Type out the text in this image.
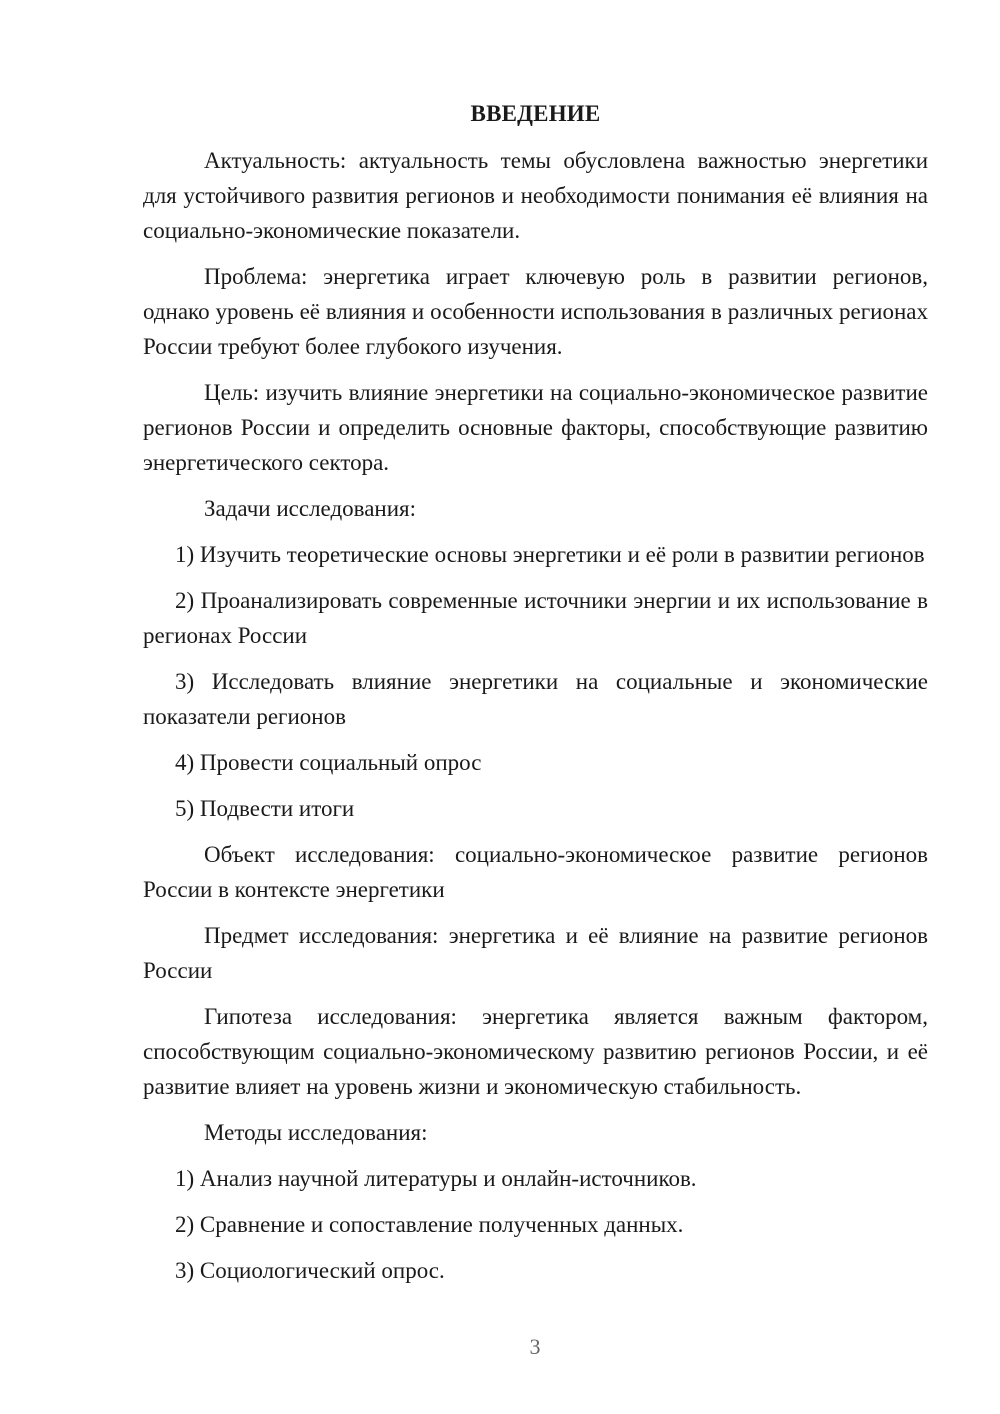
ВВЕДЕНИЕ

Актуальность: актуальность темы обусловлена важностью энергетики для устойчивого развития регионов и необходимости понимания её влияния на социально-экономические показатели.

Проблема: энергетика играет ключевую роль в развитии регионов, однако уровень её влияния и особенности использования в различных регионах России требуют более глубокого изучения.

Цель: изучить влияние энергетики на социально-экономическое развитие регионов России и определить основные факторы, способствующие развитию энергетического сектора.

Задачи исследования:

1) Изучить теоретические основы энергетики и её роли в развитии регионов

2) Проанализировать современные источники энергии и их использование в регионах России

3) Исследовать влияние энергетики на социальные и экономические показатели регионов

4) Провести социальный опрос

5) Подвести итоги

Объект исследования: социально-экономическое развитие регионов России в контексте энергетики

Предмет исследования: энергетика и её влияние на развитие регионов России

Гипотеза исследования: энергетика является важным фактором, способствующим социально-экономическому развитию регионов России, и её развитие влияет на уровень жизни и экономическую стабильность.

Методы исследования:

1) Анализ научной литературы и онлайн-источников.

2) Сравнение и сопоставление полученных данных.

3) Социологический опрос.

3
